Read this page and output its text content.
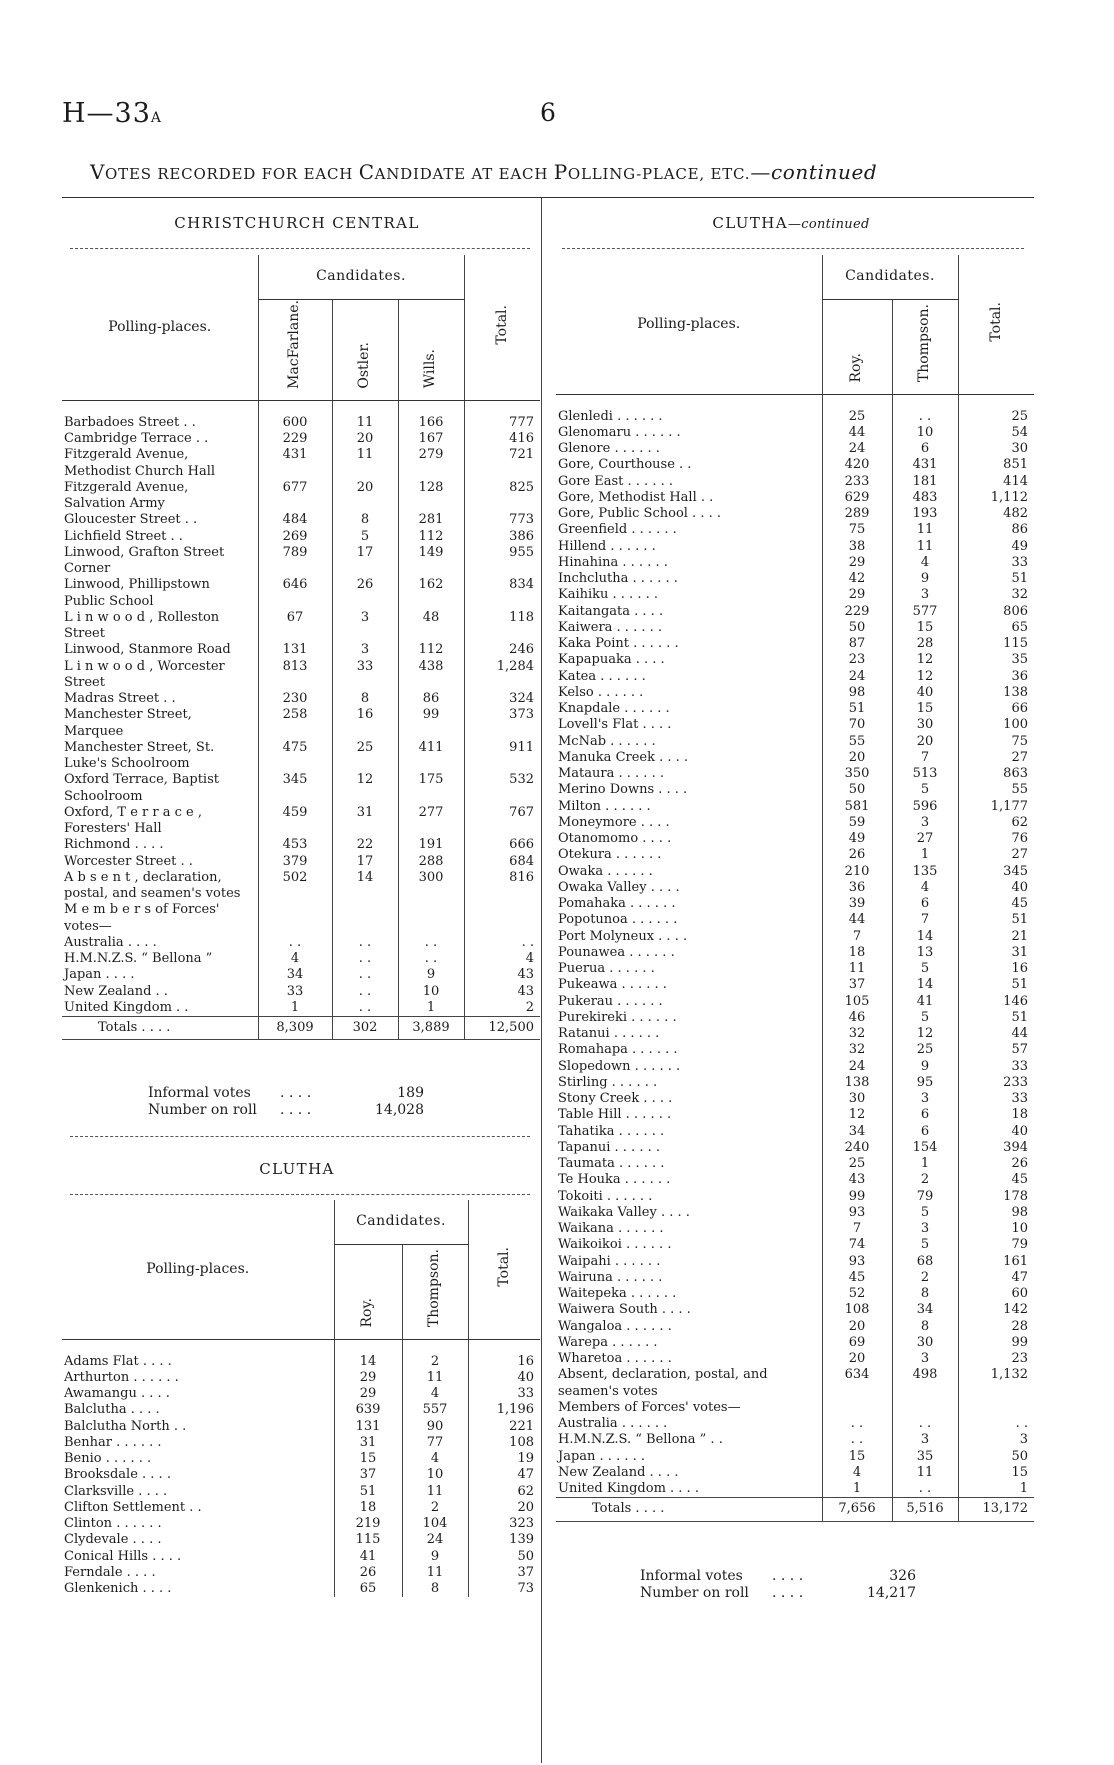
H—33A	6
VOTES RECORDED FOR EACH CANDIDATE AT EACH POLLING-PLACE, ETC.—continued
CHRISTCHURCH CENTRAL
Polling-places.	Candidates.			Total.
	MacFarlane.	Ostler.	Wills.	
Barbadoes Street . .	600	11	166	777
Cambridge Terrace . .	229	20	167	416
Fitzgerald Avenue, Methodist Church Hall	431	11	279	721
Fitzgerald Avenue, Salvation Army	677	20	128	825
Gloucester Street . .	484	8	281	773
Lichfield Street . .	269	5	112	386
Linwood, Grafton Street Corner	789	17	149	955
Linwood, Phillipstown Public School	646	26	162	834
L i n w o o d , Rolleston Street	67	3	48	118
Linwood, Stanmore Road	131	3	112	246
L i n w o o d , Worcester Street	813	33	438	1,284
Madras Street . .	230	8	86	324
Manchester Street, Marquee	258	16	99	373
Manchester Street, St. Luke's Schoolroom	475	25	411	911
Oxford Terrace, Baptist Schoolroom	345	12	175	532
Oxford, T e r r a c e , Foresters' Hall	459	31	277	767
Richmond . . . .	453	22	191	666
Worcester Street . .	379	17	288	684
A b s e n t , declaration, postal, and seamen's votes	502	14	300	816
M e m b e r s of Forces' votes—				
Australia . . . .	. .	. .	. .	. .
H.M.N.Z.S. “ Bellona ”	4	. .	. .	4
Japan . . . .	34	. .	9	43
New Zealand . .	33	. .	10	43
United Kingdom . .	1	. .	1	2
Totals . . . .	8,309	302	3,889	12,500
Informal votes	. . . .	189
Number on roll	. . . .	14,028
CLUTHA
Polling-places.	Candidates.		Total.
	Roy.	Thompson.	
Adams Flat . . . .	14	2	16
Arthurton . . . . . .	29	11	40
Awamangu . . . .	29	4	33
Balclutha . . . .	639	557	1,196
Balclutha North . .	131	90	221
Benhar . . . . . .	31	77	108
Benio . . . . . .	15	4	19
Brooksdale . . . .	37	10	47
Clarksville . . . .	51	11	62
Clifton Settlement . .	18	2	20
Clinton . . . . . .	219	104	323
Clydevale . . . .	115	24	139
Conical Hills . . . .	41	9	50
Ferndale . . . .	26	11	37
Glenkenich . . . .	65	8	73
CLUTHA—continued
Polling-places.	Candidates.		Total.
	Roy.	Thompson.	
Glenledi . . . . . .	25	. .	25
Glenomaru . . . . . .	44	10	54
Glenore . . . . . .	24	6	30
Gore, Courthouse . .	420	431	851
Gore East . . . . . .	233	181	414
Gore, Methodist Hall . .	629	483	1,112
Gore, Public School . . . .	289	193	482
Greenfield . . . . . .	75	11	86
Hillend . . . . . .	38	11	49
Hinahina . . . . . .	29	4	33
Inchclutha . . . . . .	42	9	51
Kaihiku . . . . . .	29	3	32
Kaitangata . . . .	229	577	806
Kaiwera . . . . . .	50	15	65
Kaka Point . . . . . .	87	28	115
Kapapuaka . . . .	23	12	35
Katea . . . . . .	24	12	36
Kelso . . . . . .	98	40	138
Knapdale . . . . . .	51	15	66
Lovell's Flat . . . .	70	30	100
McNab . . . . . .	55	20	75
Manuka Creek . . . .	20	7	27
Mataura . . . . . .	350	513	863
Merino Downs . . . .	50	5	55
Milton . . . . . .	581	596	1,177
Moneymore . . . .	59	3	62
Otanomomo . . . .	49	27	76
Otekura . . . . . .	26	1	27
Owaka . . . . . .	210	135	345
Owaka Valley . . . .	36	4	40
Pomahaka . . . . . .	39	6	45
Popotunoa . . . . . .	44	7	51
Port Molyneux . . . .	7	14	21
Pounawea . . . . . .	18	13	31
Puerua . . . . . .	11	5	16
Pukeawa . . . . . .	37	14	51
Pukerau . . . . . .	105	41	146
Purekireki . . . . . .	46	5	51
Ratanui . . . . . .	32	12	44
Romahapa . . . . . .	32	25	57
Slopedown . . . . . .	24	9	33
Stirling . . . . . .	138	95	233
Stony Creek . . . .	30	3	33
Table Hill . . . . . .	12	6	18
Tahatika . . . . . .	34	6	40
Tapanui . . . . . .	240	154	394
Taumata . . . . . .	25	1	26
Te Houka . . . . . .	43	2	45
Tokoiti . . . . . .	99	79	178
Waikaka Valley . . . .	93	5	98
Waikana . . . . . .	7	3	10
Waikoikoi . . . . . .	74	5	79
Waipahi . . . . . .	93	68	161
Wairuna . . . . . .	45	2	47
Waitepeka . . . . . .	52	8	60
Waiwera South . . . .	108	34	142
Wangaloa . . . . . .	20	8	28
Warepa . . . . . .	69	30	99
Wharetoa . . . . . .	20	3	23
Absent, declaration, postal, and seamen's votes	634	498	1,132
Members of Forces' votes—			
Australia . . . . . .	. .	. .	. .
H.M.N.Z.S. “ Bellona ” . .	. .	3	3
Japan . . . . . .	15	35	50
New Zealand . . . .	4	11	15
United Kingdom . . . .	1	. .	1
Totals . . . .	7,656	5,516	13,172
Informal votes	. . . .	326
Number on roll	. . . .	14,217
